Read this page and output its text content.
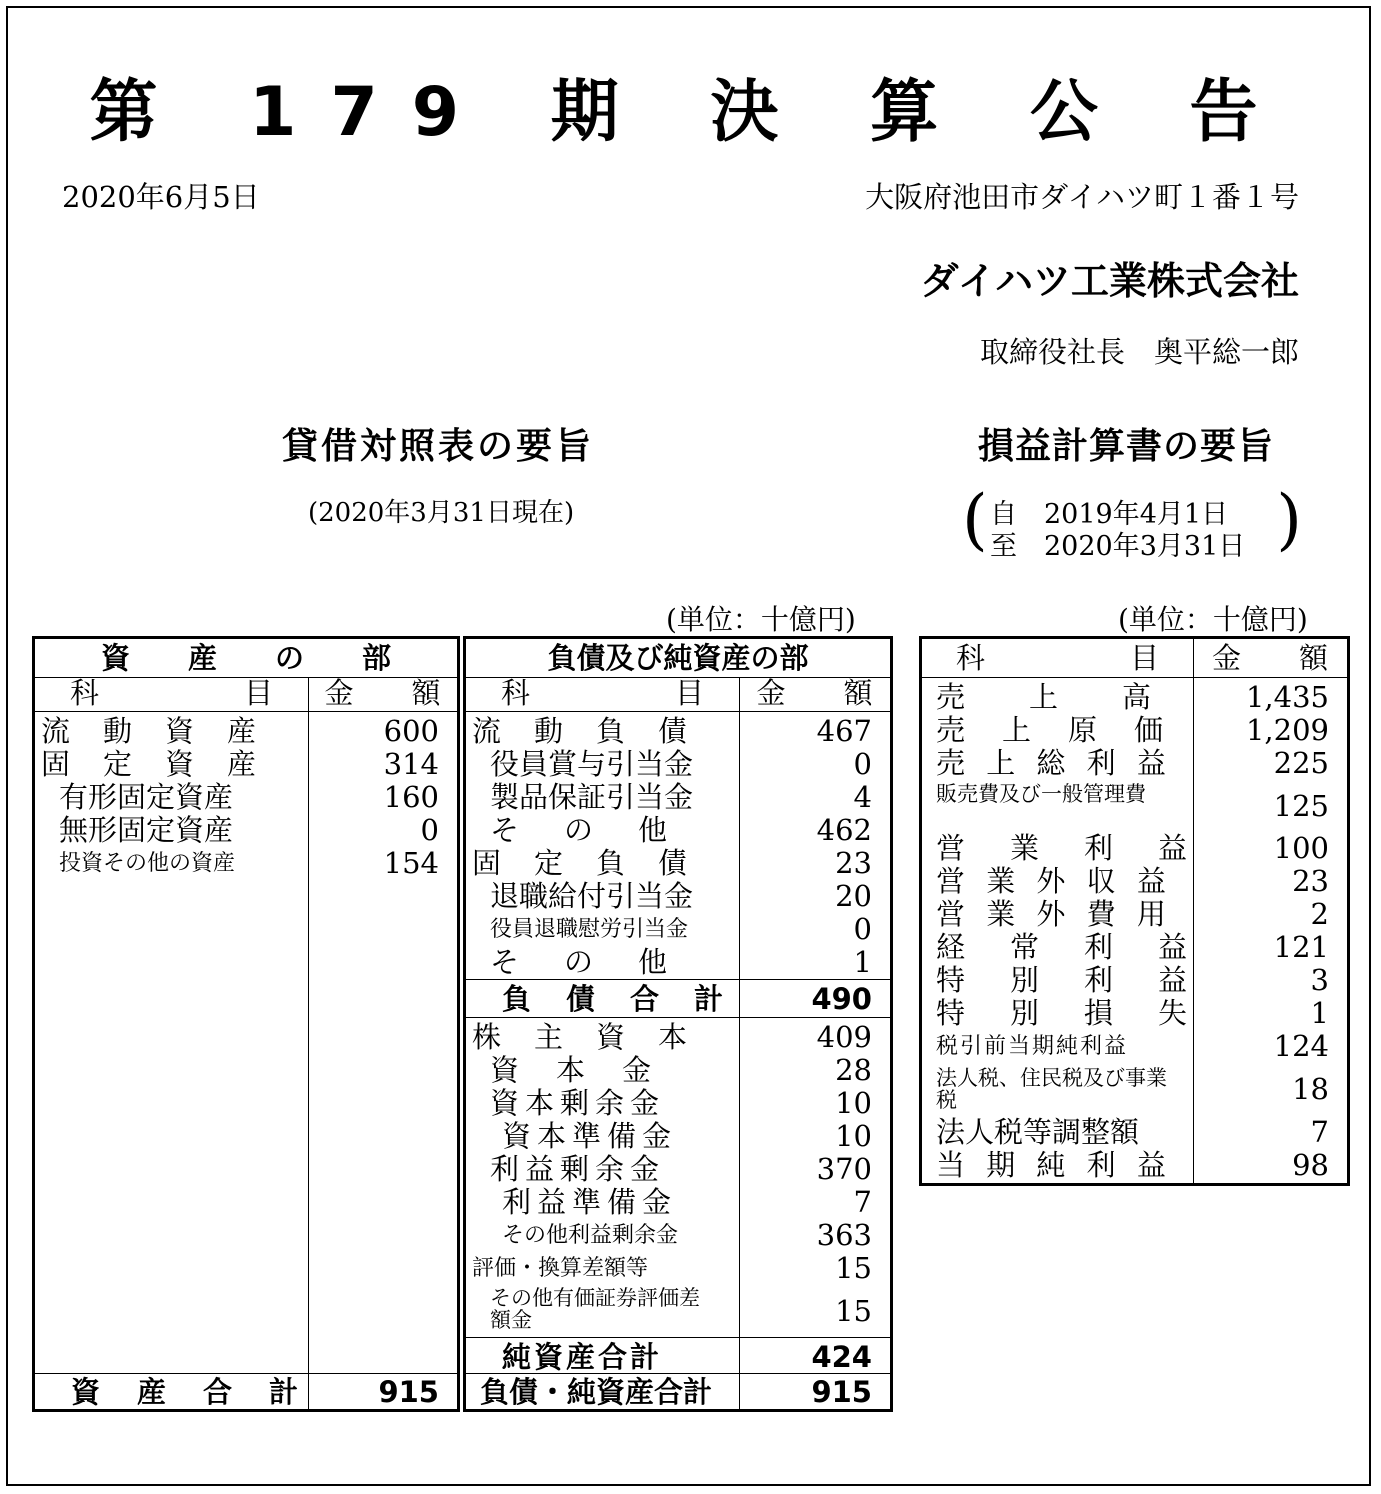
第 179 期 決 算 公 告
2020年6月5日	大阪府池田市ダイハツ町１番１号
ダイハツ工業株式会社
取締役社長　奥平総一郎
貸借対照表の要旨	損益計算書の要旨
(2020年3月31日現在)	( 自　2019年4月1日
至　2020年3月31日 )
(単位：十億円)	(単位：十億円)
資　　産　　の　　部
科　　　　　目	金　　額
流　動　資　産	600
固　定　資　産	314
有形固定資産	160
無形固定資産	0
投資その他の資産	154
資　産　合　計	915
負債及び純資産の部
科　　　　　目	金　　額
流　動　負　債	467
役員賞与引当金	0
製品保証引当金	4
そ　の　他	462
固　定　負　債	23
退職給付引当金	20
役員退職慰労引当金	0
そ　の　他	1
負　債　合　計	490
株　主　資　本	409
資　本　金	28
資本剰余金	10
資本準備金	10
利益剰余金	370
利益準備金	7
その他利益剰余金	363
評価・換算差額等	15
その他有価証券評価差額金	15
純資産合計	424
負債・純資産合計	915
科　　　　　目	金　　額
売　　上　　高	1,435
売　上　原　価	1,209
売 上 総 利 益	225
販売費及び一般管理費	125
営　業　利　益	100
営 業 外 収 益	23
営 業 外 費 用	2
経　常　利　益	121
特　別　利　益	3
特　別　損　失	1
税引前当期純利益	124
法人税、住民税及び事業税	18
法人税等調整額	7
当 期 純 利 益	98
